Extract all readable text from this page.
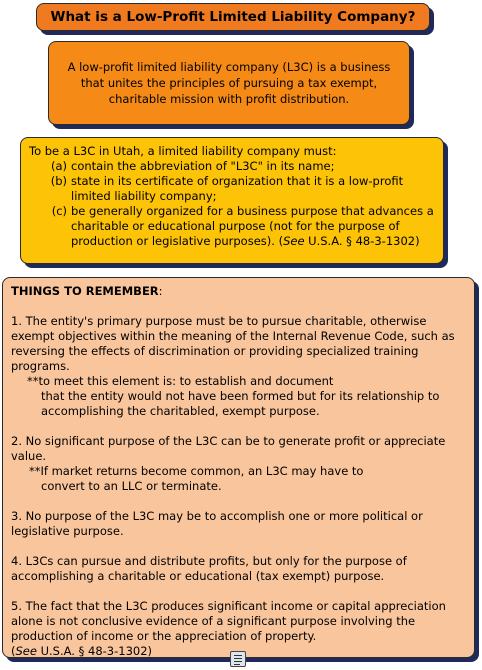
What is a Low-Profit Limited Liability Company?
A low-profit limited liability company (L3C) is a business that unites the principles of pursuing a tax exempt, charitable mission with profit distribution.
To be a L3C in Utah, a limited liability company must:
(a) contain the abbreviation of "L3C" in its name;
(b) state in its certificate of organization that it is a low-profit limited liability company;
(c) be generally organized for a business purpose that advances a charitable or educational purpose (not for the purpose of production or legislative purposes). (See U.S.A. § 48-3-1302)
THINGS TO REMEMBER:
1. The entity's primary purpose must be to pursue charitable, otherwise exempt objectives within the meaning of the Internal Revenue Code, such as reversing the effects of discrimination or providing specialized training programs.
**to meet this element is: to establish and document
that the entity would not have been formed but for its relationship to accomplishing the charitabled, exempt purpose.
2. No significant purpose of the L3C can be to generate profit or appreciate value.
**If market returns become common, an L3C may have to
convert to an LLC or terminate.
3. No purpose of the L3C may be to accomplish one or more political or legislative purpose.
4. L3Cs can pursue and distribute profits, but only for the purpose of accomplishing a charitable or educational (tax exempt) purpose.
5. The fact that the L3C produces significant income or capital appreciation alone is not conclusive evidence of a significant purpose involving the production of income or the appreciation of property.
(See U.S.A. § 48-3-1302)
